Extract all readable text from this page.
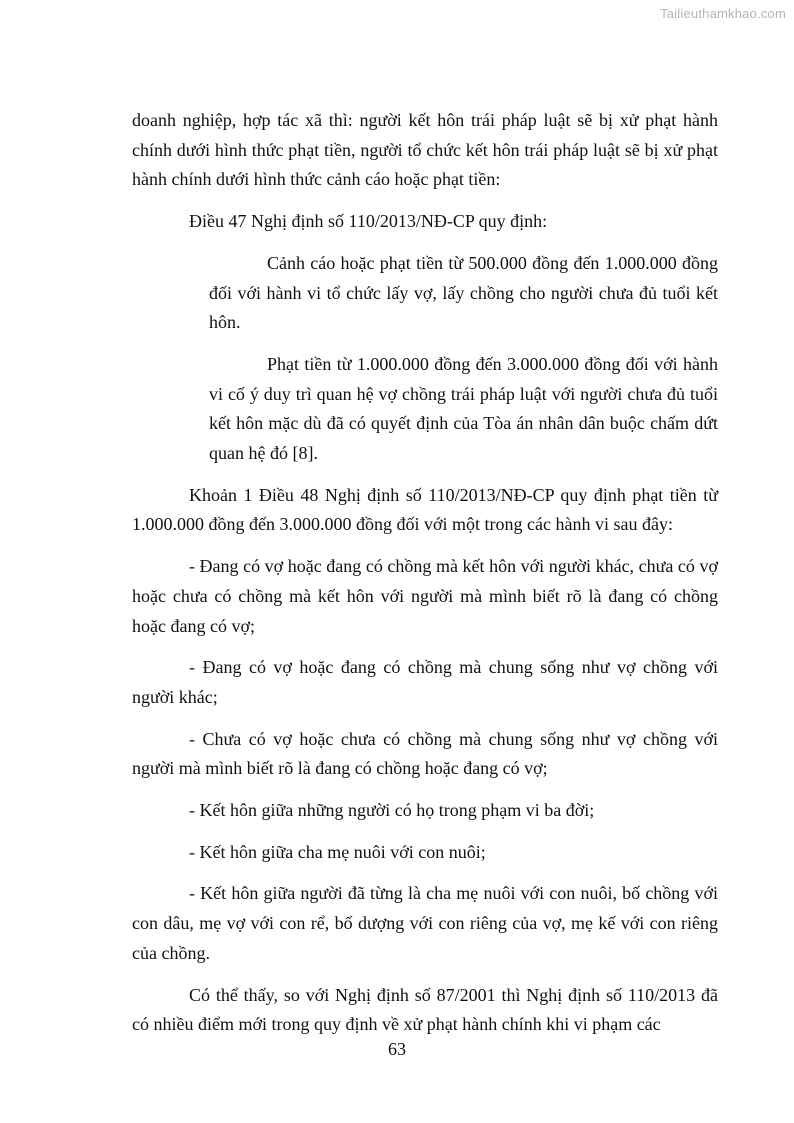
Tailieuthamkhao.com

doanh nghiệp, hợp tác xã thì: người kết hôn trái pháp luật sẽ bị xử phạt hành chính dưới hình thức phạt tiền, người tổ chức kết hôn trái pháp luật sẽ bị xử phạt hành chính dưới hình thức cảnh cáo hoặc phạt tiền:

Điều 47 Nghị định số 110/2013/NĐ-CP quy định:

Cảnh cáo hoặc phạt tiền từ 500.000 đồng đến 1.000.000 đồng đối với hành vi tổ chức lấy vợ, lấy chồng cho người chưa đủ tuổi kết hôn.

Phạt tiền từ 1.000.000 đồng đến 3.000.000 đồng đối với hành vi cố ý duy trì quan hệ vợ chồng trái pháp luật với người chưa đủ tuổi kết hôn mặc dù đã có quyết định của Tòa án nhân dân buộc chấm dứt quan hệ đó [8].

Khoản 1 Điều 48 Nghị định số 110/2013/NĐ-CP quy định phạt tiền từ 1.000.000 đồng đến 3.000.000 đồng đối với một trong các hành vi sau đây:

- Đang có vợ hoặc đang có chồng mà kết hôn với người khác, chưa có vợ hoặc chưa có chồng mà kết hôn với người mà mình biết rõ là đang có chồng hoặc đang có vợ;

- Đang có vợ hoặc đang có chồng mà chung sống như vợ chồng với người khác;

- Chưa có vợ hoặc chưa có chồng mà chung sống như vợ chồng với người mà mình biết rõ là đang có chồng hoặc đang có vợ;

- Kết hôn giữa những người có họ trong phạm vi ba đời;

- Kết hôn giữa cha mẹ nuôi với con nuôi;

- Kết hôn giữa người đã từng là cha mẹ nuôi với con nuôi, bố chồng với con dâu, mẹ vợ với con rể, bố dượng với con riêng của vợ, mẹ kế với con riêng của chồng.

Có thể thấy, so với Nghị định số 87/2001 thì Nghị định số 110/2013 đã có nhiều điểm mới trong quy định về xử phạt hành chính khi vi phạm các

63
